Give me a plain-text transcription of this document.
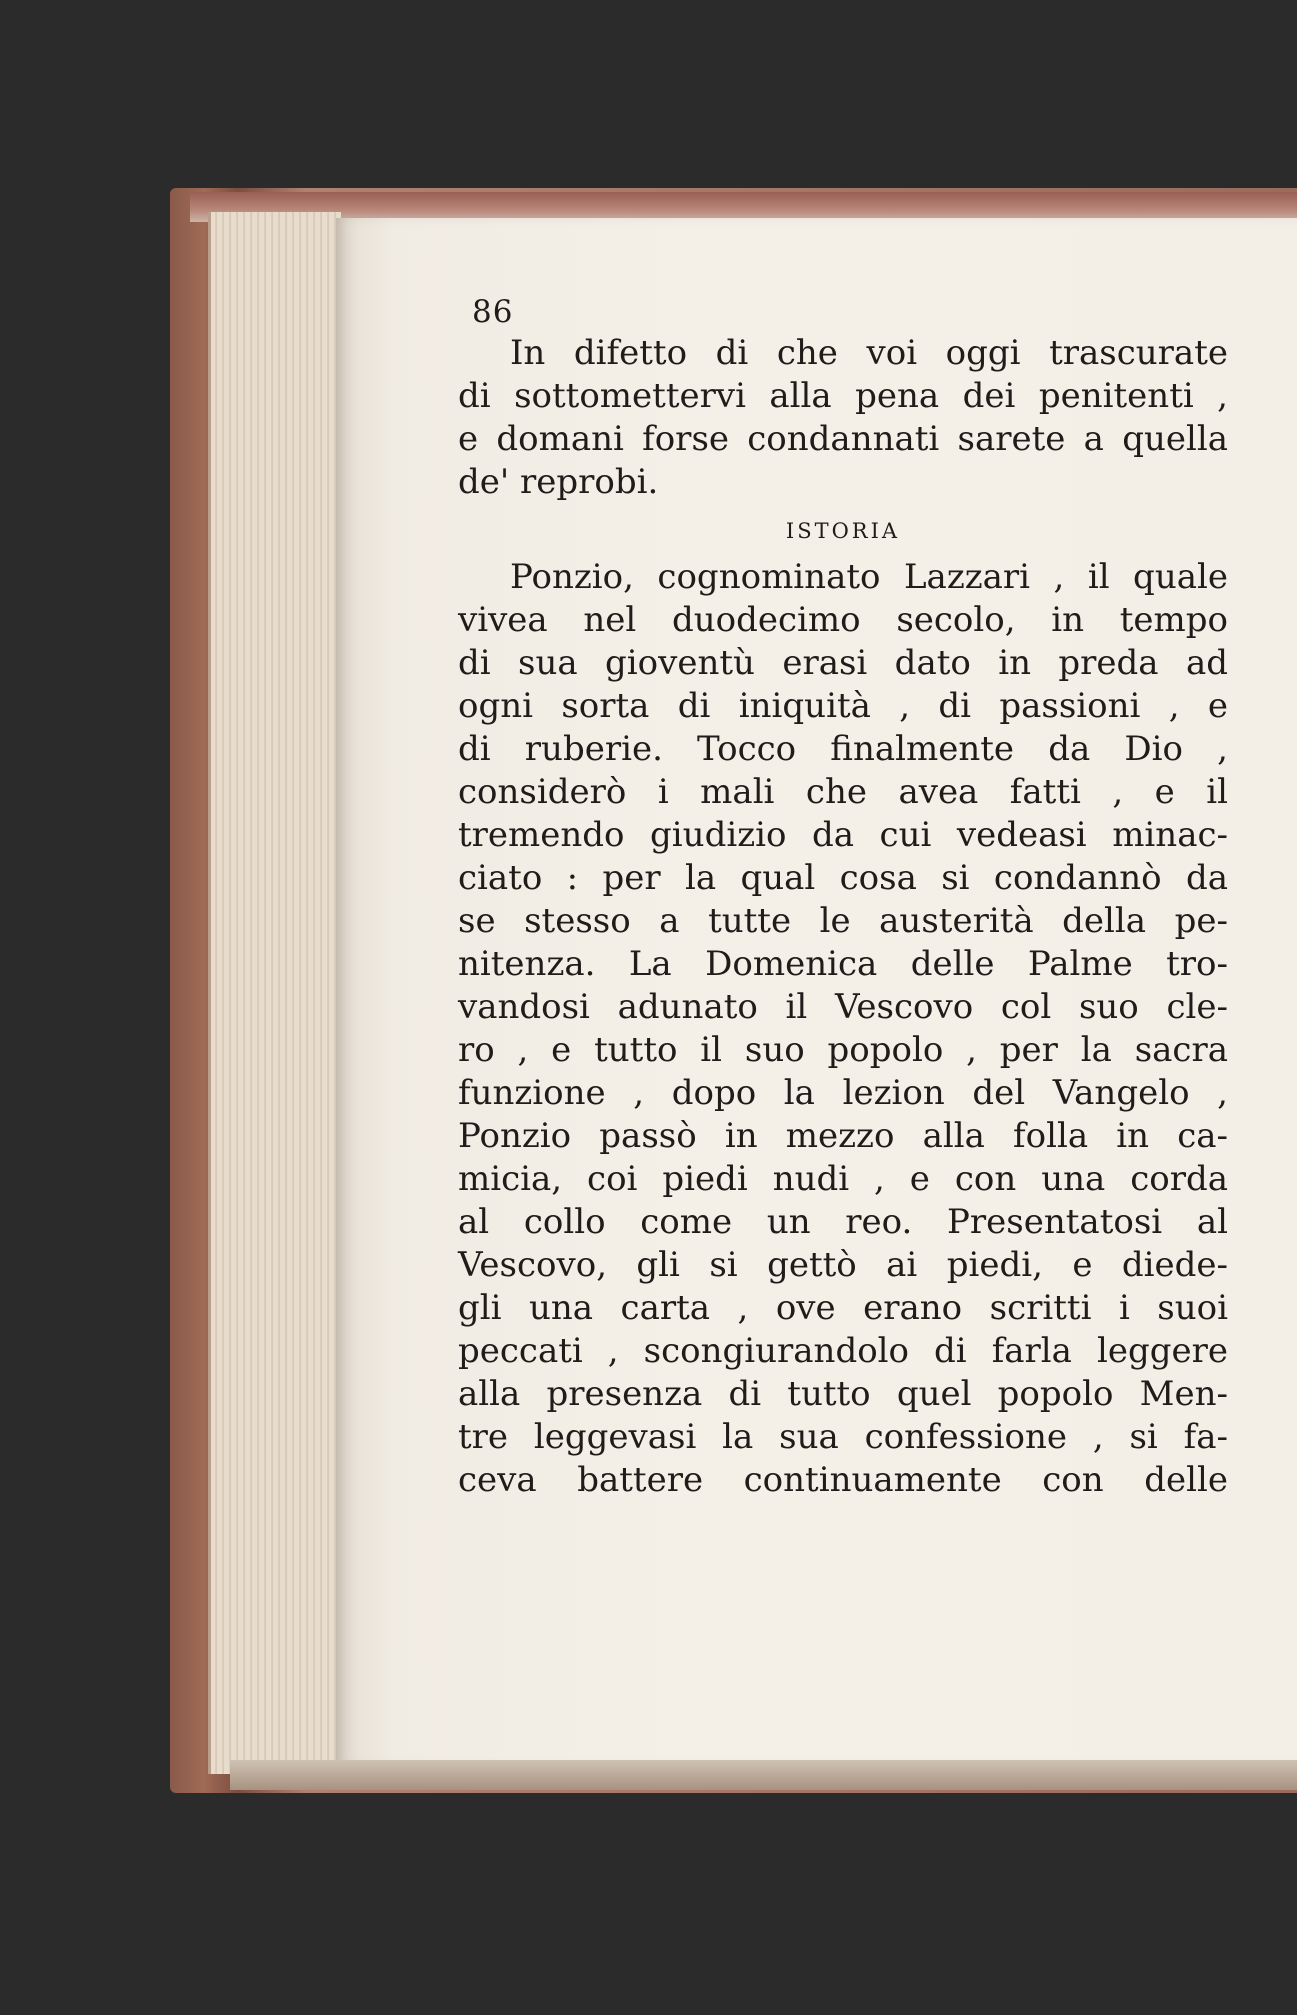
86
In difetto di che voi oggi trascurate
di sottomettervi alla pena dei penitenti ,
e domani forse condannati sarete a quella
de' reprobi.
ISTORIA
Ponzio, cognominato Lazzari , il quale
vivea nel duodecimo secolo, in tempo
di sua gioventù erasi dato in preda ad
ogni sorta di iniquità , di passioni , e
di ruberie. Tocco finalmente da Dio ,
considerò i mali che avea fatti , e il
tremendo giudizio da cui vedeasi minac-
ciato : per la qual cosa si condannò da
se stesso a tutte le austerità della pe-
nitenza. La Domenica delle Palme tro-
vandosi adunato il Vescovo col suo cle-
ro , e tutto il suo popolo , per la sacra
funzione , dopo la lezion del Vangelo ,
Ponzio passò in mezzo alla folla in ca-
micia, coi piedi nudi , e con una corda
al collo come un reo. Presentatosi al
Vescovo, gli si gettò ai piedi, e diede-
gli una carta , ove erano scritti i suoi
peccati , scongiurandolo di farla leggere
alla presenza di tutto quel popolo Men-
tre leggevasi la sua confessione , si fa-
ceva battere continuamente con delle
